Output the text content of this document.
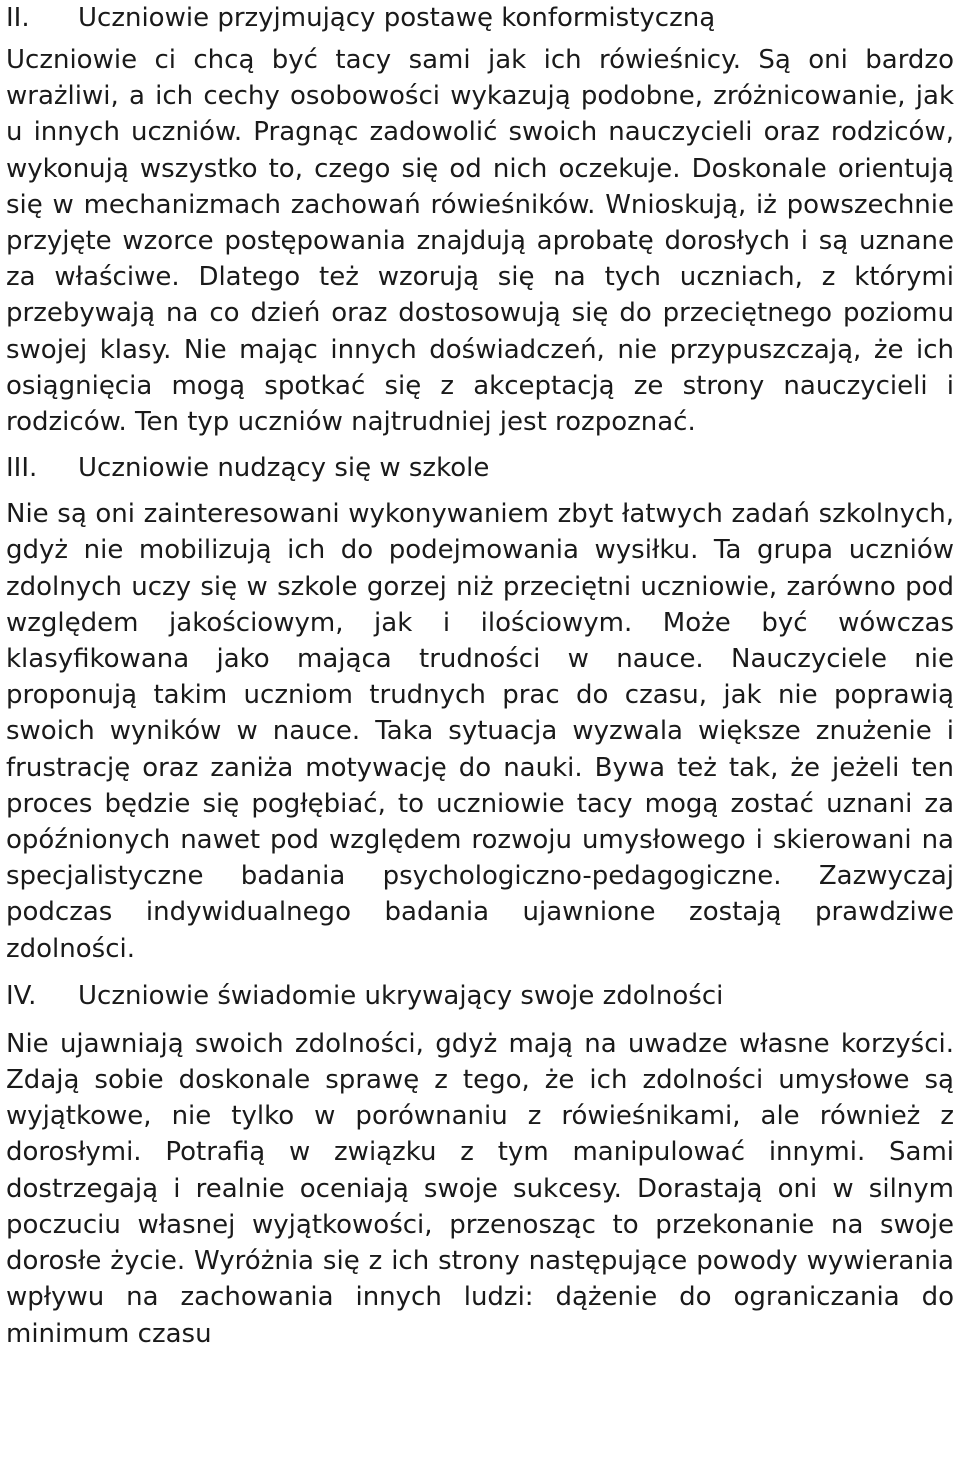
II.	Uczniowie przyjmujący postawę konformistyczną

Uczniowie ci chcą być tacy sami jak ich rówieśnicy. Są oni bardzo wrażliwi, a ich cechy osobowości wykazują podobne, zróżnicowanie, jak u innych uczniów. Pragnąc zadowolić swoich nauczycieli oraz rodziców, wykonują wszystko to, czego się od nich oczekuje. Doskonale orientują się w mechanizmach zachowań rówieśników. Wnioskują, iż powszechnie przyjęte wzorce postępowania znajdują aprobatę dorosłych i są uznane za właściwe. Dlatego też wzorują się na tych uczniach, z którymi przebywają na co dzień oraz dostosowują się do przeciętnego poziomu swojej klasy. Nie mając innych doświadczeń, nie przypuszczają, że ich osiągnięcia mogą spotkać się z akceptacją ze strony nauczycieli i rodziców. Ten typ uczniów najtrudniej jest rozpoznać.

III.	Uczniowie nudzący się w szkole

Nie są oni zainteresowani wykonywaniem zbyt łatwych zadań szkolnych, gdyż nie mobilizują ich do podejmowania wysiłku. Ta grupa uczniów zdolnych uczy się w szkole gorzej niż przeciętni uczniowie, zarówno pod względem jakościowym, jak i ilościowym. Może być wówczas klasyfikowana jako mająca trudności w nauce. Nauczyciele nie proponują takim uczniom trudnych prac do czasu, jak nie poprawią swoich wyników w nauce. Taka sytuacja wyzwala większe znużenie i frustrację oraz zaniża motywację do nauki. Bywa też tak, że jeżeli ten proces będzie się pogłębiać, to uczniowie tacy mogą zostać uznani za opóźnionych nawet pod względem rozwoju umysłowego i skierowani na specjalistyczne badania psychologiczno-pedagogiczne. Zazwyczaj podczas indywidualnego badania ujawnione zostają prawdziwe zdolności.

IV.	Uczniowie świadomie ukrywający swoje zdolności

Nie ujawniają swoich zdolności, gdyż mają na uwadze własne korzyści. Zdają sobie doskonale sprawę z tego, że ich zdolności umysłowe są wyjątkowe, nie tylko w porównaniu z rówieśnikami, ale również z dorosłymi. Potrafią w związku z tym manipulować innymi. Sami dostrzegają i realnie oceniają swoje sukcesy. Dorastają oni w silnym poczuciu własnej wyjątkowości, przenosząc to przekonanie na swoje dorosłe życie. Wyróżnia się z ich strony następujące powody wywierania wpływu na zachowania innych ludzi: dążenie do ograniczania do minimum czasu
